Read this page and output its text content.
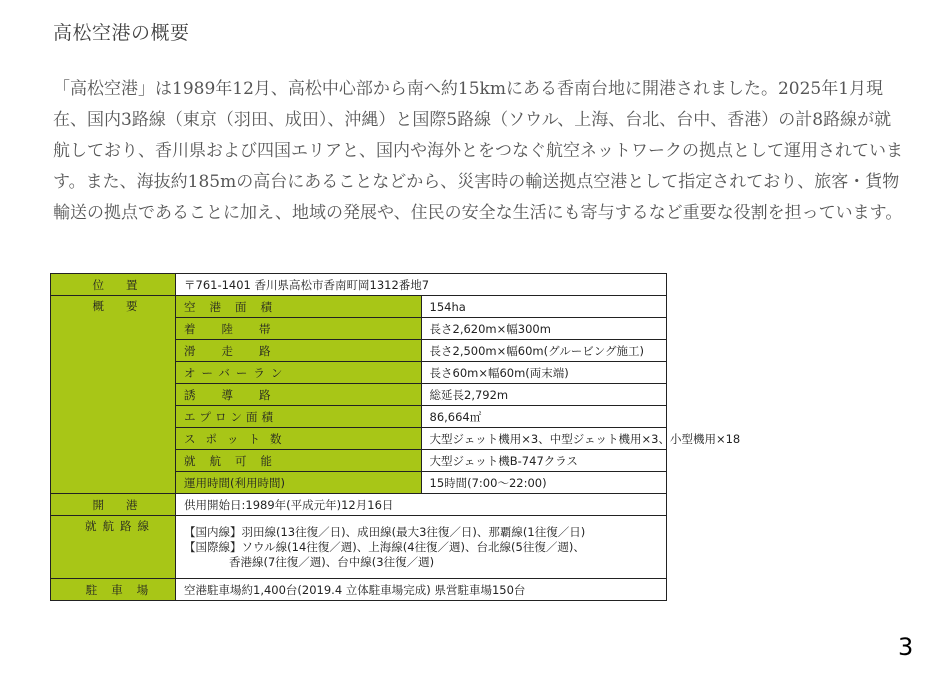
高松空港の概要

「高松空港」は1989年12月、高松中心部から南へ約15kmにある香南台地に開港されました。2025年1月現在、国内3路線（東京（羽田、成田）、沖縄）と国際5路線（ソウル、上海、台北、台中、香港）の計8路線が就航しており、香川県および四国エリアと、国内や海外とをつなぐ航空ネットワークの拠点として運用されています。また、海抜約185mの高台にあることなどから、災害時の輸送拠点空港として指定されており、旅客・貨物輸送の拠点であることに加え、地域の発展や、住民の安全な生活にも寄与するなど重要な役割を担っています。

位置	〒761-1401 香川県高松市香南町岡1312番地7	
概要	空港面積	154ha
	着陸帯	長さ2,620m×幅300m
	滑走路	長さ2,500m×幅60m(グルービング施工)
	オーバーラン	長さ60m×幅60m(両末端)
	誘導路	総延長2,792m
	エプロン面積	86,664㎡
	スポット数	大型ジェット機用×3、中型ジェット機用×3、小型機用×18
	就航可能	大型ジェット機B-747クラス
	運用時間(利用時間)	15時間(7:00～22:00)
開港	供用開始日:1989年(平成元年)12月16日	
就航路線	【国内線】羽田線(13往復／日)、成田線(最大3往復／日)、那覇線(1往復／日)
【国際線】ソウル線(14往復／週)、上海線(4往復／週)、台北線(5往復／週)、
香港線(7往復／週)、台中線(3往復／週)	

駐車場	空港駐車場約1,400台(2019.4 立体駐車場完成) 県営駐車場150台	
3
